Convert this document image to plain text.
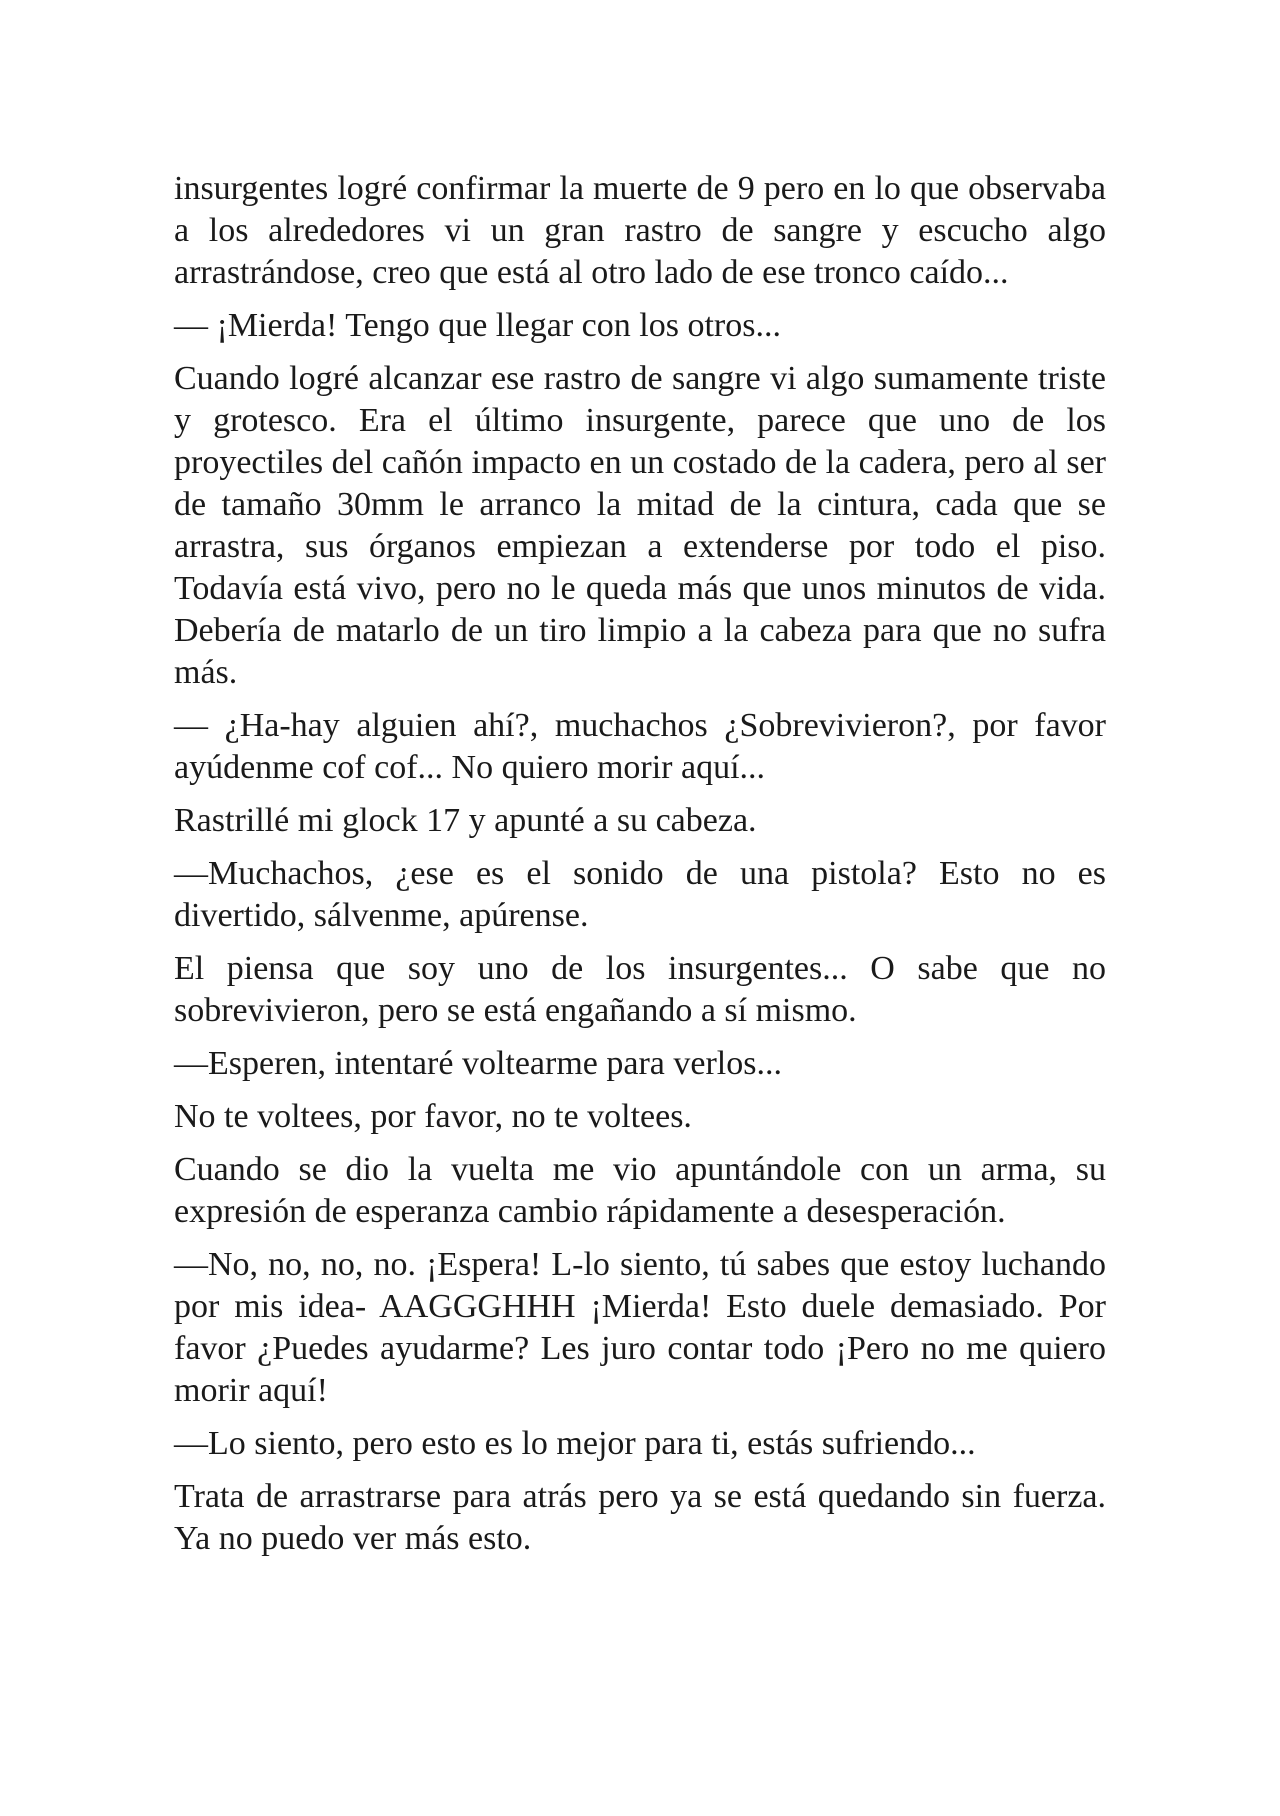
insurgentes logré confirmar la muerte de 9 pero en lo que observaba a los alrededores vi un gran rastro de sangre y escucho algo arrastrándose, creo que está al otro lado de ese tronco caído...

— ¡Mierda! Tengo que llegar con los otros...

Cuando logré alcanzar ese rastro de sangre vi algo sumamente triste y grotesco. Era el último insurgente, parece que uno de los proyectiles del cañón impacto en un costado de la cadera, pero al ser de tamaño 30mm le arranco la mitad de la cintura, cada que se arrastra, sus órganos empiezan a extenderse por todo el piso. Todavía está vivo, pero no le queda más que unos minutos de vida. Debería de matarlo de un tiro limpio a la cabeza para que no sufra más.

— ¿Ha-hay alguien ahí?, muchachos ¿Sobrevivieron?, por favor ayúdenme cof cof... No quiero morir aquí...

Rastrillé mi glock 17 y apunté a su cabeza.

—Muchachos, ¿ese es el sonido de una pistola? Esto no es divertido, sálvenme, apúrense.

El piensa que soy uno de los insurgentes... O sabe que no sobrevivieron, pero se está engañando a sí mismo.

—Esperen, intentaré voltearme para verlos...

No te voltees, por favor, no te voltees.

Cuando se dio la vuelta me vio apuntándole con un arma, su expresión de esperanza cambio rápidamente a desesperación.

—No, no, no, no. ¡Espera! L-lo siento, tú sabes que estoy luchando por mis idea- AAGGGHHH ¡Mierda! Esto duele demasiado. Por favor ¿Puedes ayudarme? Les juro contar todo ¡Pero no me quiero morir aquí!

—Lo siento, pero esto es lo mejor para ti, estás sufriendo...

Trata de arrastrarse para atrás pero ya se está quedando sin fuerza. Ya no puedo ver más esto.
